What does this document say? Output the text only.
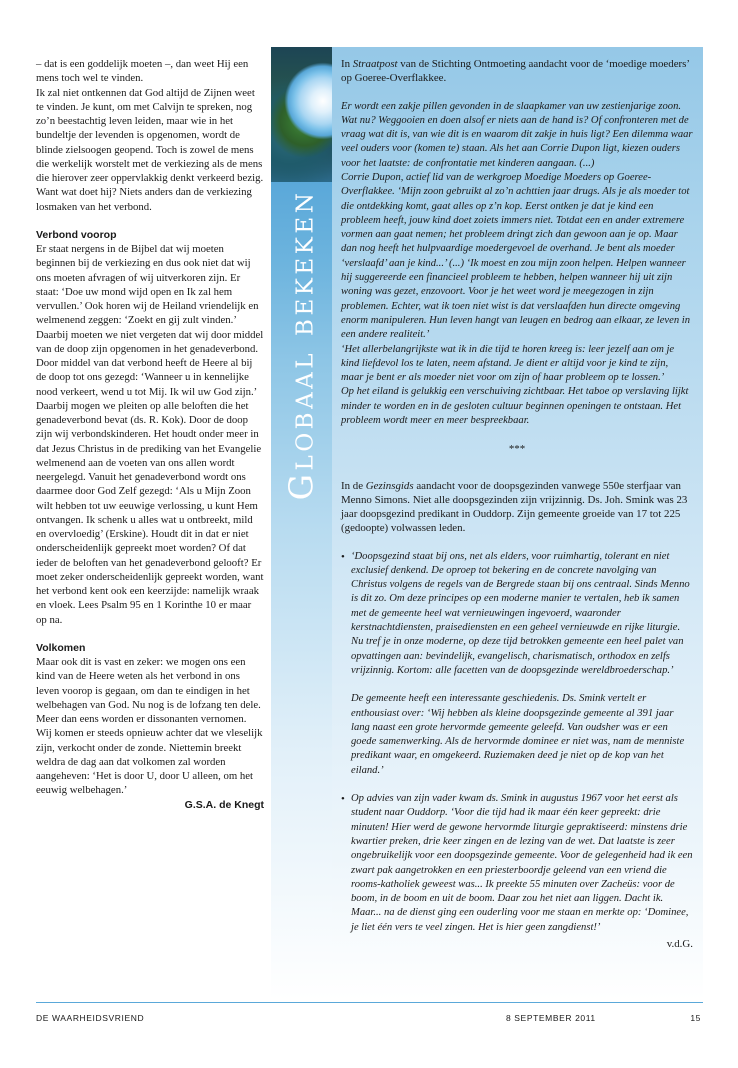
– dat is een goddelijk moeten –, dan weet Hij een mens toch wel te vinden.

Ik zal niet ontkennen dat God altijd de Zijnen weet te vinden. Je kunt, om met Calvijn te spreken, nog zo’n beestachtig leven leiden, maar wie in het bundeltje der levenden is opgenomen, wordt de blinde zielsoogen geopend. Toch is zowel de mens die werkelijk worstelt met de verkiezing als de mens die hierover zeer oppervlakkig denkt verkeerd bezig. Want wat doet hij? Niets anders dan de verkiezing losmaken van het verbond.

Verbond voorop

Er staat nergens in de Bijbel dat wij moeten beginnen bij de verkiezing en dus ook niet dat wij ons moeten afvragen of wij uitverkoren zijn. Er staat: ‘Doe uw mond wijd open en Ik zal hem vervullen.’ Ook horen wij de Heiland vriendelijk en welmenend zeggen: ‘Zoekt en gij zult vinden.’

Daarbij moeten we niet vergeten dat wij door middel van de doop zijn opgenomen in het genadeverbond. Door middel van dat verbond heeft de Heere al bij de doop tot ons gezegd: ‘Wanneer u in kennelijke nood verkeert, wend u tot Mij. Ik wil uw God zijn.’ Daarbij mogen we pleiten op alle beloften die het genadeverbond bevat (ds. R. Kok). Door de doop zijn wij verbondskinderen. Het houdt onder meer in dat Jezus Christus in de prediking van het Evangelie welmenend aan de voeten van ons allen wordt neergelegd. Vanuit het genadeverbond wordt ons daarmee door God Zelf gezegd: ‘Als u Mijn Zoon wilt hebben tot uw eeuwige verlossing, u kunt Hem ontvangen. Ik schenk u alles wat u ontbreekt, mild en overvloedig’ (Erskine). Houdt dit in dat er niet onderscheidenlijk gepreekt moet worden? Of dat ieder de beloften van het genadeverbond gelooft? Er moet zeker onderscheidenlijk gepreekt worden, want het verbond kent ook een keerzijde: namelijk wraak en vloek. Lees Psalm 95 en 1 Korinthe 10 er maar op na.

Volkomen

Maar ook dit is vast en zeker: we mogen ons een kind van de Heere weten als het verbond in ons leven voorop is gegaan, om dan te eindigen in het welbehagen van God. Nu nog is de lofzang ten dele. Meer dan eens worden er dissonanten vernomen. Wij komen er steeds opnieuw achter dat we vleselijk zijn, verkocht onder de zonde. Niettemin breekt weldra de dag aan dat volkomen zal worden aangeheven: ‘Het is door U, door U alleen, om het eeuwig welbehagen.’

G.S.A. de Knegt

Globaal bekeken

In Straatpost van de Stichting Ontmoeting aandacht voor de ‘moedige moeders’ op Goeree-Overflakkee.

Er wordt een zakje pillen gevonden in de slaapkamer van uw zestienjarige zoon. Wat nu? Weggooien en doen alsof er niets aan de hand is? Of confronteren met de vraag wat dit is, van wie dit is en waarom dit zakje in huis ligt? Een dilemma waar veel ouders voor (komen te) staan. Als het aan Corrie Dupon ligt, kiezen ouders voor het laatste: de confrontatie met kinderen aangaan. (...)

Corrie Dupon, actief lid van de werkgroep Moedige Moeders op Goeree-Overflakkee. ‘Mijn zoon gebruikt al zo’n achttien jaar drugs. Als je als moeder tot die ontdekking komt, gaat alles op z’n kop. Eerst ontken je dat je kind een probleem heeft, jouw kind doet zoiets immers niet. Totdat een en ander extremere vormen aan gaat nemen; het probleem dringt zich dan gewoon aan je op. Maar dan nog heeft het hulpvaardige moedergevoel de overhand. Je bent als moeder ‘verslaafd’ aan je kind...’ (...) ‘Ik moest en zou mijn zoon helpen. Helpen wanneer hij suggereerde een financieel probleem te hebben, helpen wanneer hij uit zijn woning was gezet, enzovoort. Voor je het weet word je meegezogen in zijn problemen. Echter, wat ik toen niet wist is dat verslaafden hun directe omgeving enorm manipuleren. Hun leven hangt van leugen en bedrog aan elkaar, ze leven in een andere realiteit.’

‘Het allerbelangrijkste wat ik in die tijd te horen kreeg is: leer jezelf aan om je kind liefdevol los te laten, neem afstand. Je dient er altijd voor je kind te zijn, maar je bent er als moeder niet voor om zijn of haar probleem op te lossen.’

Op het eiland is gelukkig een verschuiving zichtbaar. Het taboe op verslaving lijkt minder te worden en in de gesloten cultuur beginnen openingen te ontstaan. Het probleem wordt meer en meer bespreekbaar.

***

In de Gezinsgids aandacht voor de doopsgezinden vanwege 550e sterfjaar van Menno Simons. Niet alle doopsgezinden zijn vrijzinnig. Ds. Joh. Smink was 23 jaar doopsgezind predikant in Ouddorp. Zijn gemeente groeide van 17 tot 225 (gedoopte) volwassen leden.

• ‘Doopsgezind staat bij ons, net als elders, voor ruimhartig, tolerant en niet exclusief denkend. De oproep tot bekering en de concrete navolging van Christus volgens de regels van de Bergrede staan bij ons centraal. Sinds Menno is dit zo. Om deze principes op een moderne manier te vertalen, heb ik samen met de gemeente heel wat vernieuwingen ingevoerd, waaronder kerstnachtdiensten, praisediensten en een geheel vernieuwde en rijke liturgie. Nu tref je in onze moderne, op deze tijd betrokken gemeente een heel palet van opvattingen aan: bevindelijk, evangelisch, charismatisch, orthodox en zelfs vrijzinnig. Kortom: alle facetten van de doopsgezinde wereldbroederschap.’

De gemeente heeft een interessante geschiedenis. Ds. Smink vertelt er enthousiast over: ‘Wij hebben als kleine doopsgezinde gemeente al 391 jaar lang naast een grote hervormde gemeente geleefd. Van oudsher was er een goede samenwerking. Als de hervormde dominee er niet was, nam de menniste predikant waar, en omgekeerd. Ruziemaken deed je niet op de kop van het eiland.’

• Op advies van zijn vader kwam ds. Smink in augustus 1967 voor het eerst als student naar Ouddorp. ‘Voor die tijd had ik maar één keer gepreekt: drie minuten! Hier werd de gewone hervormde liturgie gepraktiseerd: minstens drie kwartier preken, drie keer zingen en de lezing van de wet. Dat laatste is zeer ongebruikelijk voor een doopsgezinde gemeente. Voor de gelegenheid had ik een zwart pak aangetrokken en een priesterboordje geleend van een vriend die rooms-katholiek geweest was... Ik preekte 55 minuten over Zacheüs: voor de boom, in de boom en uit de boom. Daar zou het niet aan liggen. Dacht ik. Maar... na de dienst ging een ouderling voor me staan en merkte op: ‘Dominee, je liet één vers te veel zingen. Het is hier geen zangdienst!’

v.d.G.

DE WAARHEIDSVRIEND	8 SEPTEMBER 2011	15
